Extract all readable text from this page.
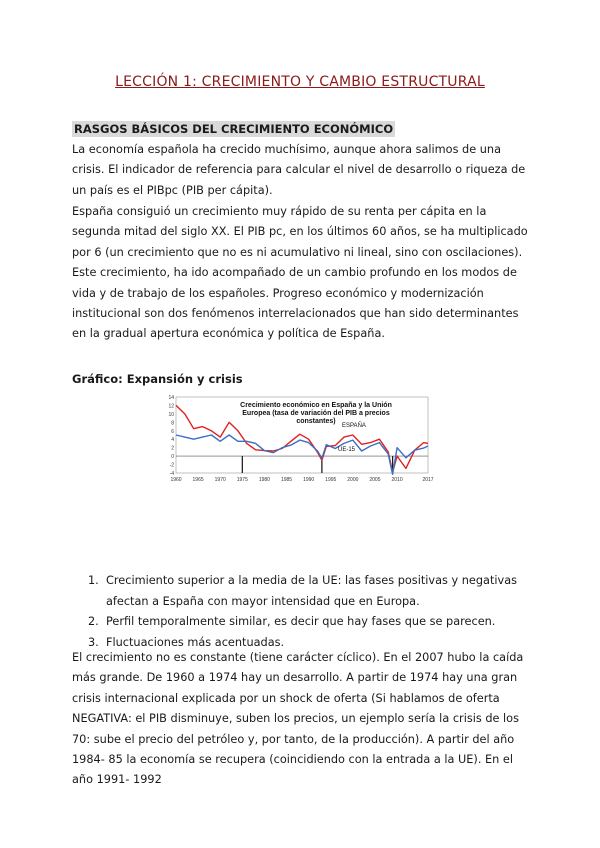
LECCIÓN 1: CRECIMIENTO Y CAMBIO ESTRUCTURAL
RASGOS BÁSICOS DEL CRECIMIENTO ECONÓMICO

La economía española ha crecido muchísimo, aunque ahora salimos de una crisis. El indicador de referencia para calcular el nivel de desarrollo o riqueza de un país es el PIBpc (PIB per cápita).

España consiguió un crecimiento muy rápido de su renta per cápita en la segunda mitad del siglo XX. El PIB pc, en los últimos 60 años, se ha multiplicado por 6 (un crecimiento que no es ni acumulativo ni lineal, sino con oscilaciones). Este crecimiento, ha ido acompañado de un cambio profundo en los modos de vida y de trabajo de los españoles. Progreso económico y modernización institucional son dos fenómenos interrelacionados que han sido determinantes en la gradual apertura económica y política de España.

Gráfico: Expansión y crisis
-4
-2
0
2
4
6
8
10
12
14
1960 1965 1970 1975 1980 1985 1990 1995 2000 2005 2010	2017
Crecimiento económico en España y la Unión Europea (tasa de variación del PIB a precios constantes)
ESPAÑA
UE-15
1. Crecimiento superior a la media de la UE: las fases positivas y negativas afectan a España con mayor intensidad que en Europa.
2. Perfil temporalmente similar, es decir que hay fases que se parecen.
3. Fluctuaciones más acentuadas.

El crecimiento no es constante (tiene carácter cíclico). En el 2007 hubo la caída más grande. De 1960 a 1974 hay un desarrollo. A partir de 1974 hay una gran crisis internacional explicada por un shock de oferta (Si hablamos de oferta NEGATIVA: el PIB disminuye, suben los precios, un ejemplo sería la crisis de los 70: sube el precio del petróleo y, por tanto, de la producción). A partir del año 1984- 85 la economía se recupera (coincidiendo con la entrada a la UE). En el año 1991- 1992
